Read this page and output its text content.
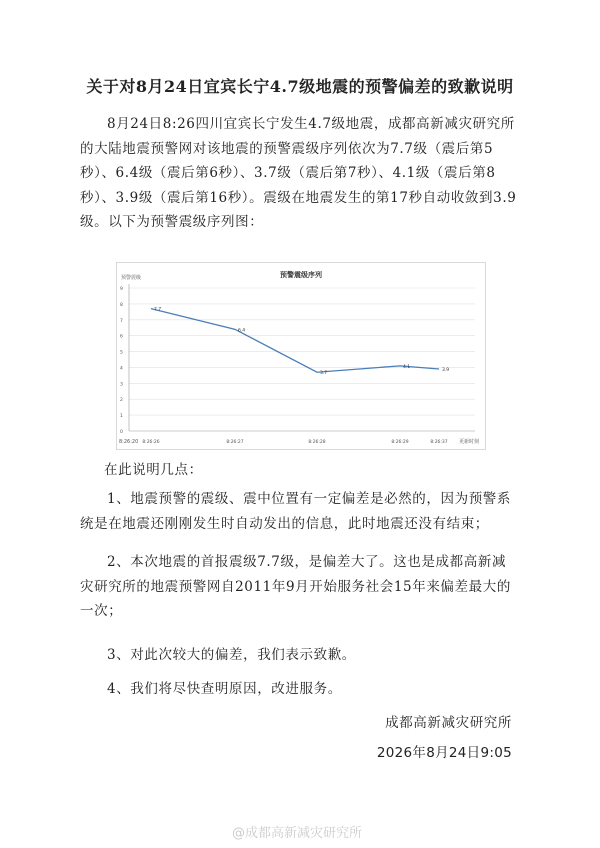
关于对8月24日宜宾长宁4.7级地震的预警偏差的致歉说明

8月24日8:26四川宜宾长宁发生4.7级地震，成都高新减灾研究所的大陆地震预警网对该地震的预警震级序列依次为7.7级（震后第5秒）、6.4级（震后第6秒）、3.7级（震后第7秒）、4.1级（震后第8秒）、3.9级（震后第16秒）。震级在地震发生的第17秒自动收敛到3.9级。以下为预警震级序列图：

0
1
2
3
4
5
6
7
8
9
预警震级序列
预警震级
8:26:20 8:26:26	8:26:27	8:26:28	8:26:29	8:26:37 更新时刻
7.7
6.4
3.7
4.1
3.9
在此说明几点：

1、地震预警的震级、震中位置有一定偏差是必然的，因为预警系统是在地震还刚刚发生时自动发出的信息，此时地震还没有结束；

2、本次地震的首报震级7.7级，是偏差大了。这也是成都高新减灾研究所的地震预警网自2011年9月开始服务社会15年来偏差最大的一次；

3、对此次较大的偏差，我们表示致歉。

4、我们将尽快查明原因，改进服务。

成都高新减灾研究所
2026年8月24日9:05
@成都高新减灾研究所
